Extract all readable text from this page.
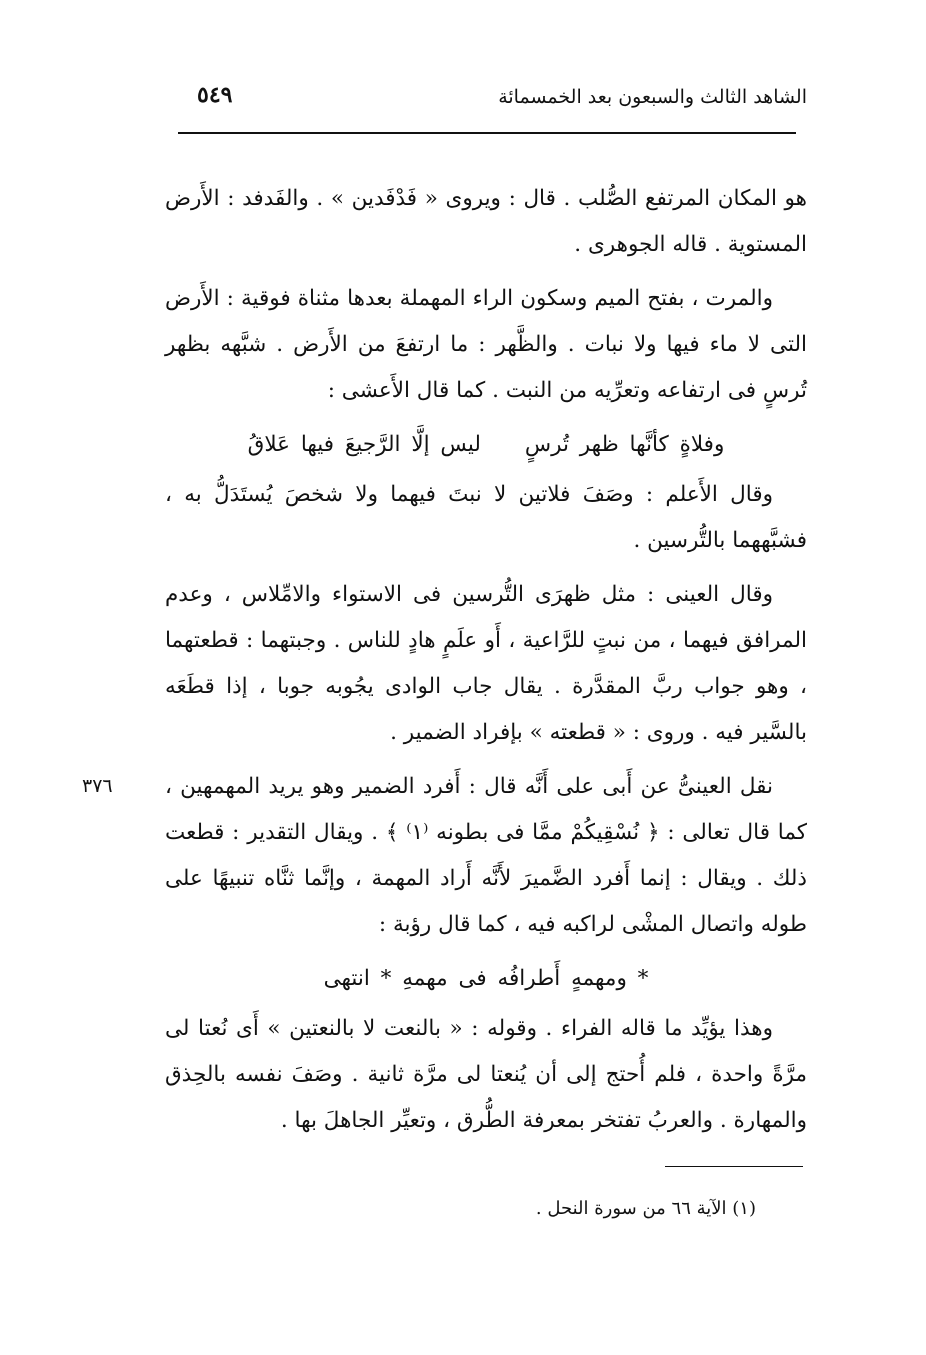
الشاهد الثالث والسبعون بعد الخمسمائة
٥٤٩
٣٧٦

هو المكان المرتفع الصُّلب . قال : ويروى « فَدْفَدين » . والفَدفد : الأَرض المستوية . قاله الجوهرى .

والمرت ، بفتح الميم وسكون الراء المهملة بعدها مثناة فوقية : الأَرض التى لا ماء فيها ولا نبات . والظَّهر : ما ارتفعَ من الأَرض . شبَّهه بظهر تُرسٍ فى ارتفاعه وتعرِّيه من النبت . كما قال الأَعشى :

وفلاةٍ كأنَّها ظهر تُرسٍ
ليس إلَّا الرَّجيعَ فيها عَلاقُ

وقال الأَعلم : وصَفَ فلاتين لا نبتَ فيهما ولا شخصَ يُستَدَلُّ به ، فشبَّههما بالتُّرسين .

وقال العينى : مثل ظهرَى التُّرسين فى الاستواء والامِّلاس ، وعدم المرافق فيهما ، من نبتٍ للرَّاعية ، أَو علَمٍ هادٍ للناس . وجبتهما : قطعتهما ، وهو جواب ربَّ المقدَّرة . يقال جاب الوادى يجُوبه جوبا ، إذا قطَعَه بالسَّير فيه . وروى : « قطعته » بإفراد الضمير .

نقل العينىُّ عن أَبى على أَنَّه قال : أَفرد الضمير وهو يريد المهمهين ، كما قال تعالى : ﴿ نُسْقِيكُمْ ممَّا فى بطونه ⁽١⁾ ﴾ . ويقال التقدير : قطعت ذلك . ويقال : إنما أَفرد الضَّميرَ لأَنَّه أَراد المهمة ، وإنَّما ثنَّاه تنبيهًا على طوله واتصال المشْى لراكبه فيه ، كما قال رؤبة :

* ومهمهٍ أَطرافُه فى مهمهِ * انتهى

وهذا يؤيِّد ما قاله الفراء . وقوله : « بالنعت لا بالنعتين » أَى نُعتا لى مرَّةً واحدة ، فلم أُحتج إلى أن يُنعتا لى مرَّة ثانية . وصَفَ نفسه بالحِذق والمهارة . والعربُ تفتخر بمعرفة الطُّرق ، وتعيِّر الجاهلَ بها .

(١) الآية ٦٦ من سورة النحل .
